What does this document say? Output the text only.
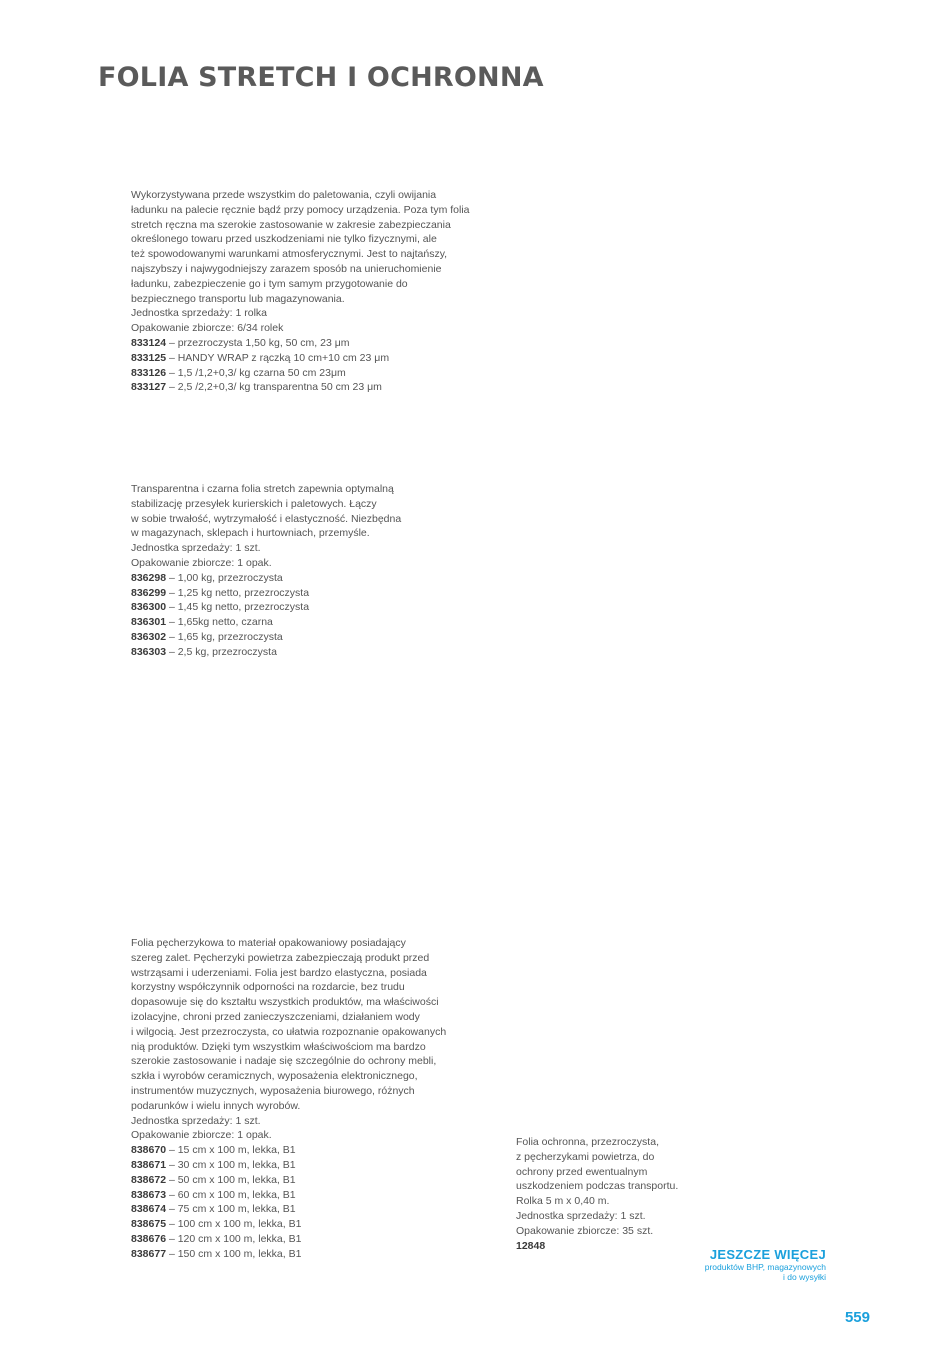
FOLIA STRETCH I OCHRONNA

Wykorzystywana przede wszystkim do paletowania, czyli owijania
ładunku na palecie ręcznie bądź przy pomocy urządzenia. Poza tym folia
stretch ręczna ma szerokie zastosowanie w zakresie zabezpieczania
określonego towaru przed uszkodzeniami nie tylko fizycznymi, ale
też spowodowanymi warunkami atmosferycznymi. Jest to najtańszy,
najszybszy i najwygodniejszy zarazem sposób na unieruchomienie
ładunku, zabezpieczenie go i tym samym przygotowanie do
bezpiecznego transportu lub magazynowania.

Jednostka sprzedaży: 1 rolka

Opakowanie zbiorcze: 6/34 rolek

833124 – przezroczysta 1,50 kg, 50 cm, 23 μm
833125 – HANDY WRAP z rączką 10 cm+10 cm 23 μm
833126 – 1,5 /1,2+0,3/ kg czarna 50 cm 23μm
833127 – 2,5 /2,2+0,3/ kg transparentna 50 cm 23 μm

Transparentna i czarna folia stretch zapewnia optymalną
stabilizację przesyłek kurierskich i paletowych. Łączy
w sobie trwałość, wytrzymałość i elastyczność. Niezbędna
w magazynach, sklepach i hurtowniach, przemyśle.

Jednostka sprzedaży: 1 szt.

Opakowanie zbiorcze: 1 opak.

836298 – 1,00 kg, przezroczysta
836299 – 1,25 kg netto, przezroczysta
836300 – 1,45 kg netto, przezroczysta
836301 – 1,65kg netto, czarna
836302 – 1,65 kg, przezroczysta
836303 – 2,5 kg, przezroczysta

Folia pęcherzykowa to materiał opakowaniowy posiadający
szereg zalet. Pęcherzyki powietrza zabezpieczają produkt przed
wstrząsami i uderzeniami. Folia jest bardzo elastyczna, posiada
korzystny współczynnik odporności na rozdarcie, bez trudu
dopasowuje się do kształtu wszystkich produktów, ma właściwości
izolacyjne, chroni przed zanieczyszczeniami, działaniem wody
i wilgocią. Jest przezroczysta, co ułatwia rozpoznanie opakowanych
nią produktów. Dzięki tym wszystkim właściwościom ma bardzo
szerokie zastosowanie i nadaje się szczególnie do ochrony mebli,
szkła i wyrobów ceramicznych, wyposażenia elektronicznego,
instrumentów muzycznych, wyposażenia biurowego, różnych
podarunków i wielu innych wyrobów.

Jednostka sprzedaży: 1 szt.

Opakowanie zbiorcze: 1 opak.

838670 – 15 cm x 100 m, lekka, B1
838671 – 30 cm x 100 m, lekka, B1
838672 – 50 cm x 100 m, lekka, B1
838673 – 60 cm x 100 m, lekka, B1
838674 – 75 cm x 100 m, lekka, B1
838675 – 100 cm x 100 m, lekka, B1
838676 – 120 cm x 100 m, lekka, B1
838677 – 150 cm x 100 m, lekka, B1

Folia ochronna, przezroczysta,
z pęcherzykami powietrza, do
ochrony przed ewentualnym
uszkodzeniem podczas transportu.
Rolka 5 m x 0,40 m.

Jednostka sprzedaży: 1 szt.

Opakowanie zbiorcze: 35 szt.

12848

JESZCZE WIĘCEJ
produktów BHP, magazynowych
i do wysyłki
559
